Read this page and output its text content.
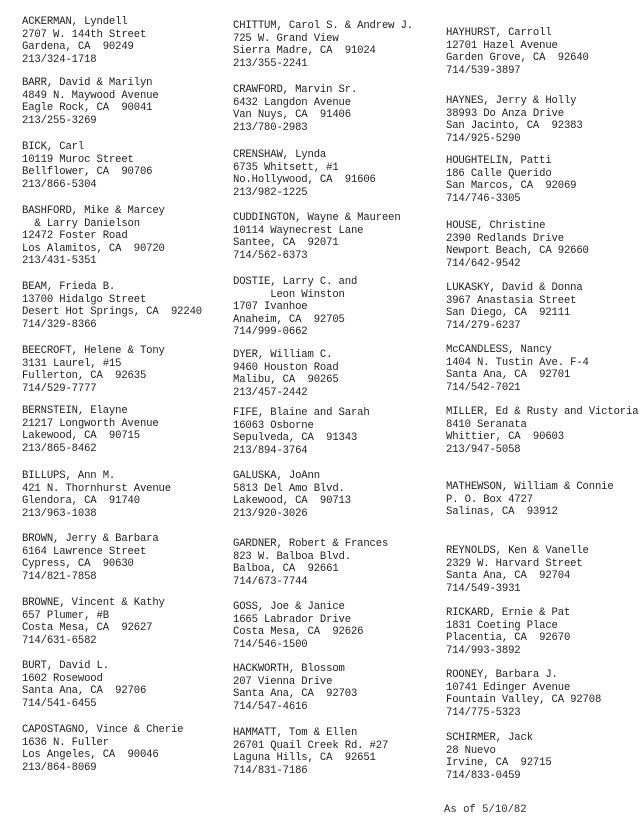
As of 5/10/82
ACKERMAN, Lyndell
2707 W. 144th Street
Gardena, CA  90249
213/324-1718
BARR, David & Marilyn
4849 N. Maywood Avenue
Eagle Rock, CA  90041
213/255-3269
BICK, Carl
10119 Muroc Street
Bellflower, CA  90706
213/866-5304
BASHFORD, Mike & Marcey
& Larry Danielson
12472 Foster Road
Los Alamitos, CA  90720
213/431-5351
BEAM, Frieda B.
13700 Hidalgo Street
Desert Hot Springs, CA  92240
714/329-8366
BEECROFT, Helene & Tony
3131 Laurel, #15
Fullerton, CA  92635
714/529-7777
BERNSTEIN, Elayne
21217 Longworth Avenue
Lakewood, CA  90715
213/865-8462
BILLUPS, Ann M.
421 N. Thornhurst Avenue
Glendora, CA  91740
213/963-1038
BROWN, Jerry & Barbara
6164 Lawrence Street
Cypress, CA  90630
714/821-7858
BROWNE, Vincent & Kathy
657 Plumer, #B
Costa Mesa, CA  92627
714/631-6582
BURT, David L.
1602 Rosewood
Santa Ana, CA  92706
714/541-6455
CAPOSTAGNO, Vince & Cherie
1636 N. Fuller
Los Angeles, CA  90046
213/864-8069
CHITTUM, Carol S. & Andrew J.
725 W. Grand View
Sierra Madre, CA  91024
213/355-2241
CRAWFORD, Marvin Sr.
6432 Langdon Avenue
Van Nuys, CA  91406
213/780-2983
CRENSHAW, Lynda
6735 Whitsett, #1
No.Hollywood, CA  91606
213/982-1225
CUDDINGTON, Wayne & Maureen
10114 Waynecrest Lane
Santee, CA  92071
714/562-6373
DOSTIE, Larry C. and
Leon Winston
1707 Ivanhoe
Anaheim, CA  92705
714/999-0662
DYER, William C.
9460 Houston Road
Malibu, CA  90265
213/457-2442
FIFE, Blaine and Sarah
16063 Osborne
Sepulveda, CA  91343
213/894-3764
GALUSKA, JoAnn
5813 Del Amo Blvd.
Lakewood, CA  90713
213/920-3026
GARDNER, Robert & Frances
823 W. Balboa Blvd.
Balboa, CA  92661
714/673-7744
GOSS, Joe & Janice
1665 Labrador Drive
Costa Mesa, CA  92626
714/546-1500
HACKWORTH, Blossom
207 Vienna Drive
Santa Ana, CA  92703
714/547-4616
HAMMATT, Tom & Ellen
26701 Quail Creek Rd. #27
Laguna Hills, CA  92651
714/831-7186
HAYHURST, Carroll
12701 Hazel Avenue
Garden Grove, CA  92640
714/539-3897
HAYNES, Jerry & Holly
38993 Do Anza Drive
San Jacinto, CA  92383
714/925-5290
HOUGHTELIN, Patti
186 Calle Querido
San Marcos, CA  92069
714/746-3305
HOUSE, Christine
2390 Redlands Drive
Newport Beach, CA 92660
714/642-9542
LUKASKY, David & Donna
3967 Anastasia Street
San Diego, CA  92111
714/279-6237
McCANDLESS, Nancy
1404 N. Tustin Ave. F-4
Santa Ana, CA  92701
714/542-7021
MILLER, Ed & Rusty and Victoria
8410 Seranata
Whittier, CA  90603
213/947-5058
MATHEWSON, William & Connie
P. O. Box 4727
Salinas, CA  93912
REYNOLDS, Ken & Vanelle
2329 W. Harvard Street
Santa Ana, CA  92704
714/549-3931
RICKARD, Ernie & Pat
1831 Coeting Place
Placentia, CA  92670
714/993-3892
ROONEY, Barbara J.
10741 Edinger Avenue
Fountain Valley, CA 92708
714/775-5323
SCHIRMER, Jack
28 Nuevo
Irvine, CA  92715
714/833-0459
